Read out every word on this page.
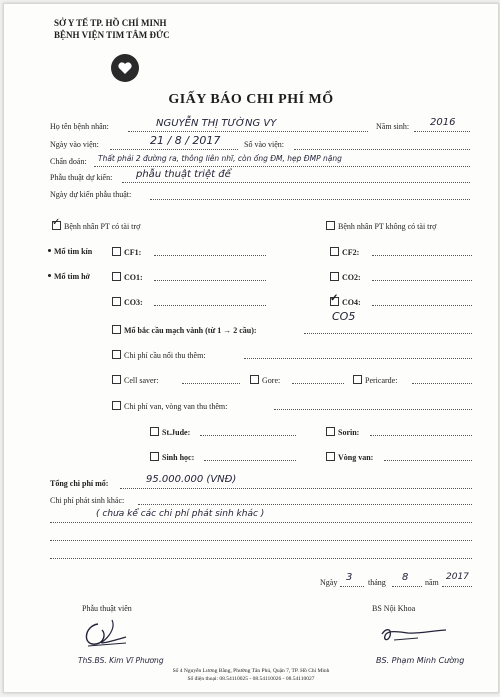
SỞ Y TẾ TP. HỒ CHÍ MINH
BỆNH VIỆN TIM TÂM ĐỨC
GIẤY BÁO CHI PHÍ MỔ
Họ tên bệnh nhân:	NGUYỄN THỊ TƯỜNG VY	Năm sinh: 2016
Ngày vào viện:	21 / 8 / 2017	Số vào viện:
Chẩn đoán: Thất phải 2 đường ra, thông liên nhĩ, còn ống ĐM, hẹp ĐMP nặng
Phẫu thuật dự kiến: phẫu thuật triệt để
Ngày dự kiến phẫu thuật:
✓Bệnh nhân PT có tài trợ	Bệnh nhân PT không có tài trợ
Mổ tim kín	CF1:	CF2:
Mổ tim hở	CO1:	CO2:
CO3:
✓	CO4:
CO5
Mổ bắc cầu mạch vành (từ 1 → 2 cầu):
Chi phí cầu nối thu thêm:
Cell saver:	Gore:	Pericarde:
Chi phí van, vòng van thu thêm:
St.Jude:	Sorin:
Sinh học:	Vòng van:
Tổng chi phí mổ:	95.000.000 (VNĐ)
Chi phí phát sinh khác:
( chưa kể các chi phí phát sinh khác )
Ngày 3 tháng 8 năm
2017
Phẫu thuật viên
ThS.BS. Kim Vĩ Phương
BS Nội Khoa
BS. Phạm Minh Cường
Số 4 Nguyễn Lương Bằng, Phường Tân Phú, Quận 7, TP. Hồ Chí Minh
Số điện thoại: 08.54110025 - 08.54110026 - 08.54110027
